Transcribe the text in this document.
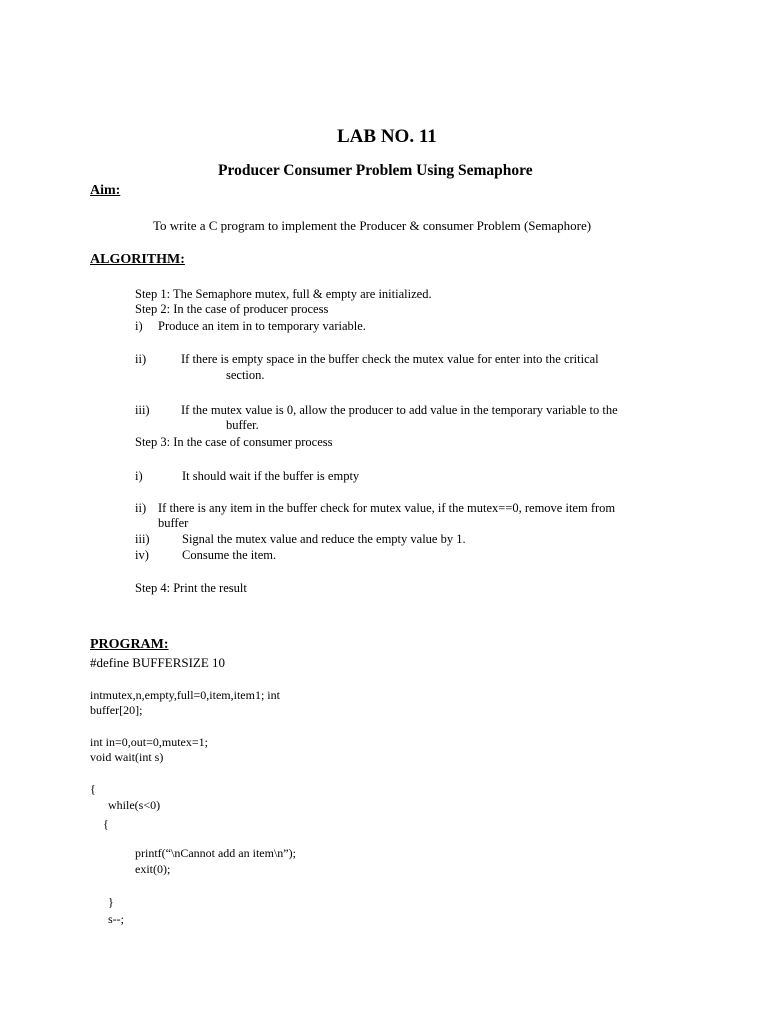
LAB NO. 11
Producer Consumer Problem Using Semaphore
Aim:
To write a C program to implement the Producer & consumer Problem (Semaphore)
ALGORITHM:
Step 1: The Semaphore mutex, full & empty are initialized.
Step 2: In the case of producer process
i) Produce an item in to temporary variable.
ii)	If there is empty space in the buffer check the mutex value for enter into the critical
section.
iii)	If the mutex value is 0, allow the producer to add value in the temporary variable to the
buffer.
Step 3: In the case of consumer process
i)	It should wait if the buffer is empty
ii) If there is any item in the buffer check for mutex value, if the mutex==0, remove item from
buffer
iii)	Signal the mutex value and reduce the empty value by 1.
iv)	Consume the item.
Step 4: Print the result
PROGRAM:
#define BUFFERSIZE 10
intmutex,n,empty,full=0,item,item1; int
buffer[20];
int in=0,out=0,mutex=1;
void wait(int s)
{
while(s<0)
{
printf(“\nCannot add an item\n”);
exit(0);
}
s--;
